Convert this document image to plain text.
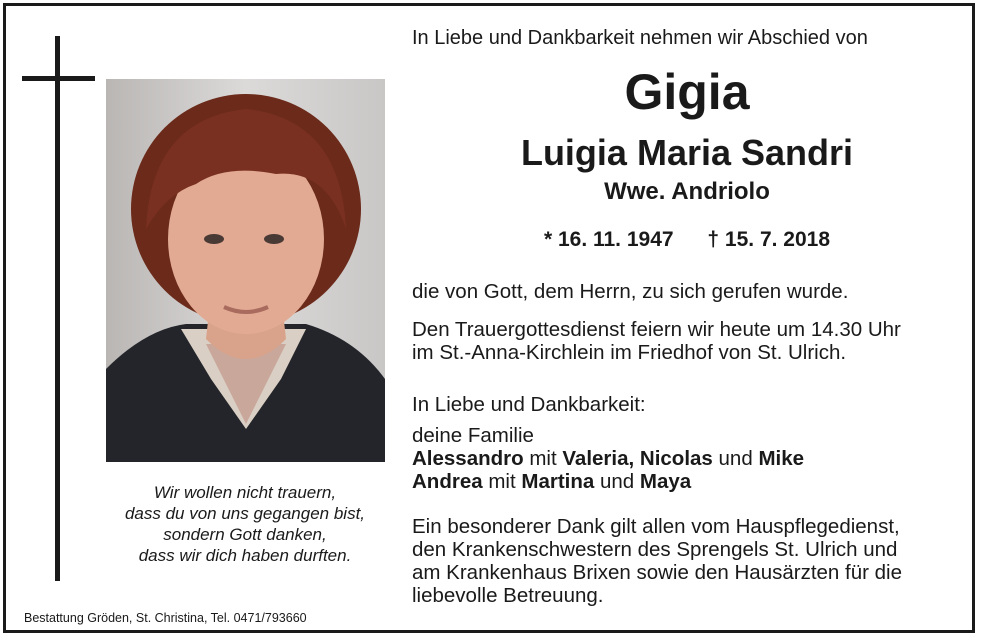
Wir wollen nicht trauern,
dass du von uns gegangen bist,
sondern Gott danken,
dass wir dich haben durften.
Bestattung Gröden, St. Christina, Tel. 0471/793660
In Liebe und Dankbarkeit nehmen wir Abschied von
Gigia
Luigia Maria Sandri
Wwe. Andriolo
* 16. 11. 1947 † 15. 7. 2018
die von Gott, dem Herrn, zu sich gerufen wurde.
Den Trauergottesdienst feiern wir heute um 14.30 Uhr
im St.-Anna-Kirchlein im Friedhof von St. Ulrich.
In Liebe und Dankbarkeit:
deine Familie
Alessandro mit Valeria, Nicolas und Mike
Andrea mit Martina und Maya
Ein besonderer Dank gilt allen vom Hauspflegedienst,
den Krankenschwestern des Sprengels St. Ulrich und
am Krankenhaus Brixen sowie den Hausärzten für die
liebevolle Betreuung.
